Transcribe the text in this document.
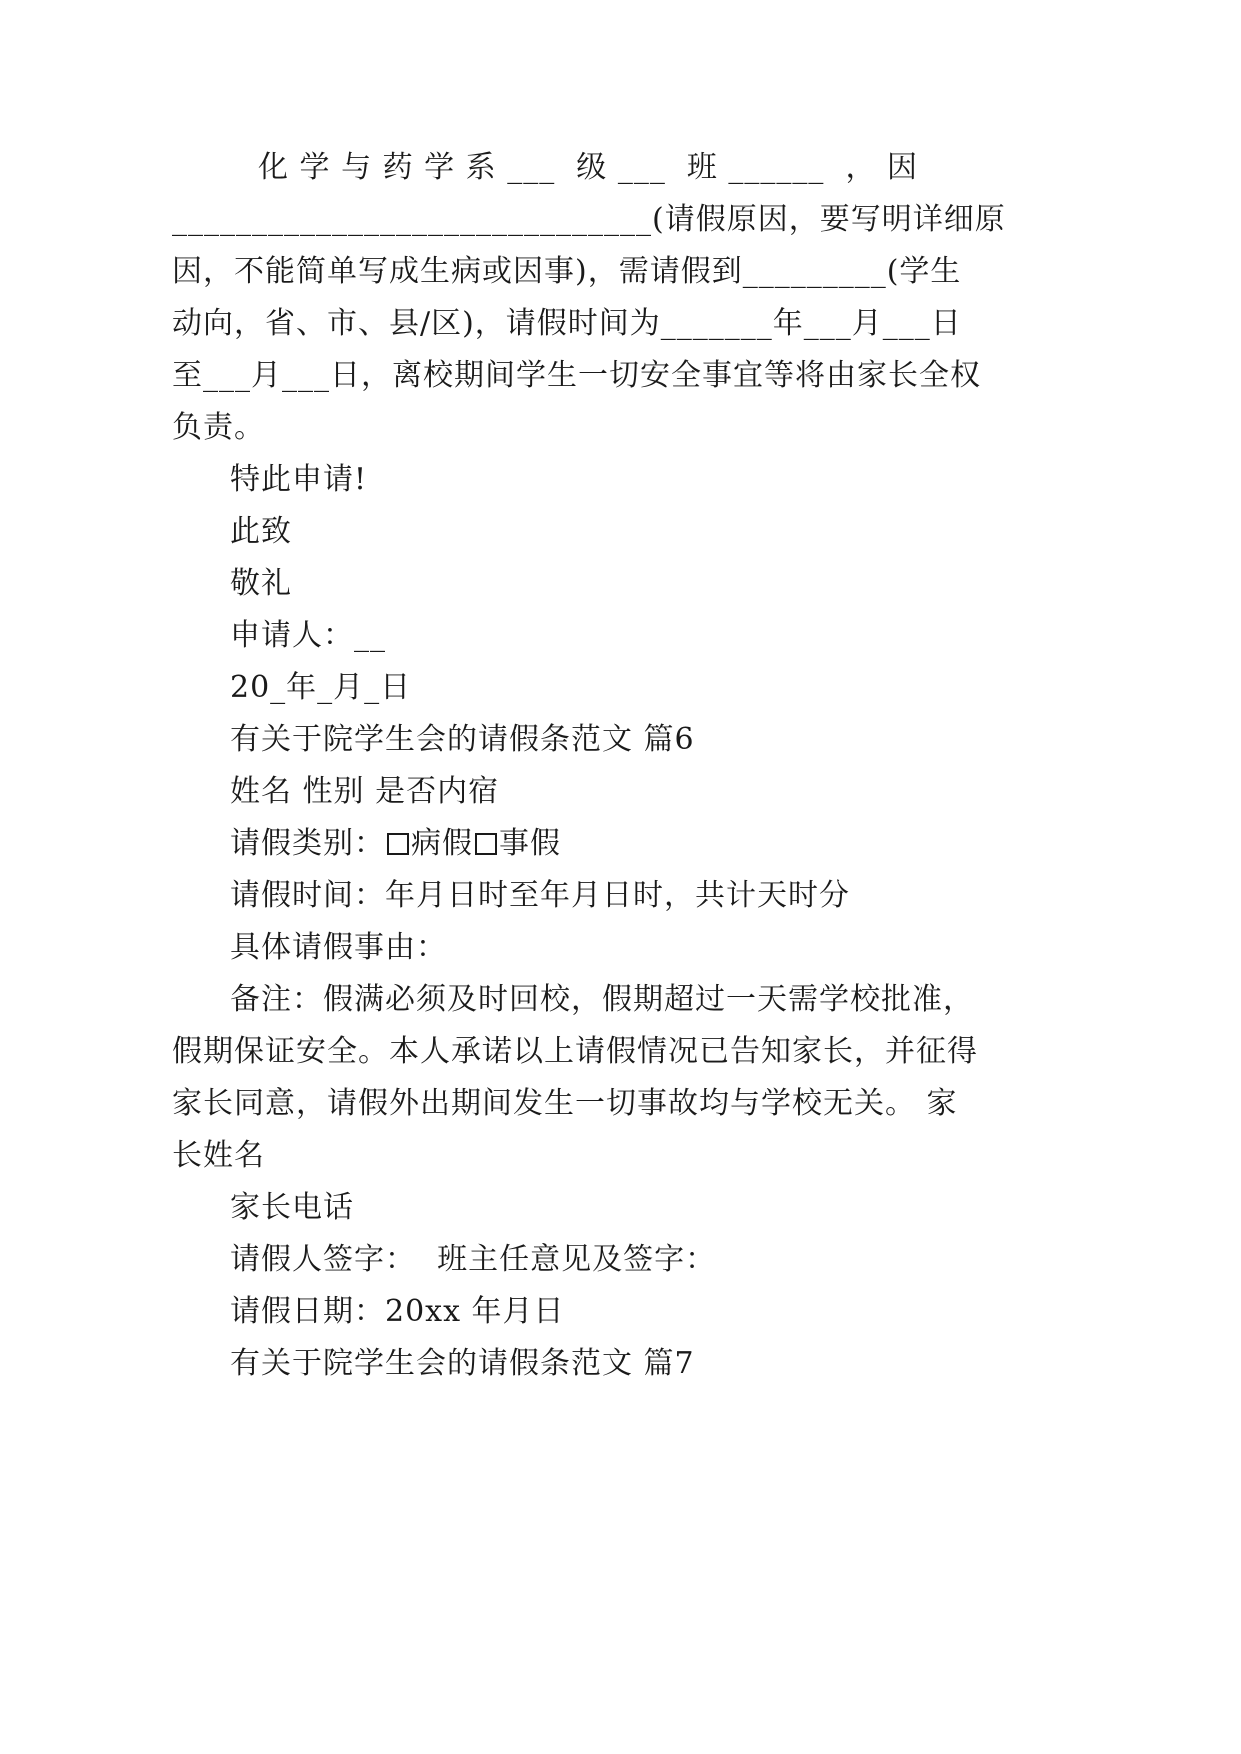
化 学 与 药 学 系 ___  级 ___  班 ______  ， 因
______________________________(请假原因，要写明详细原
因，不能简单写成生病或因事)，需请假到_________(学生
动向，省、市、县/区)，请假时间为_______年___月___日
至___月___日，离校期间学生一切安全事宜等将由家长全权
负责。
特此申请!
此致
敬礼
申请人：__
20_年_月_日
有关于院学生会的请假条范文 篇6
姓名 性别 是否内宿
请假类别： 病假 事假
请假时间：年月日时至年月日时，共计天时分
具体请假事由：
备注：假满必须及时回校，假期超过一天需学校批准，
假期保证安全。本人承诺以上请假情况已告知家长，并征得
家长同意，请假外出期间发生一切事故均与学校无关。 家
长姓名
家长电话
请假人签字：  班主任意见及签字：
请假日期：20xx 年月日
有关于院学生会的请假条范文 篇7
